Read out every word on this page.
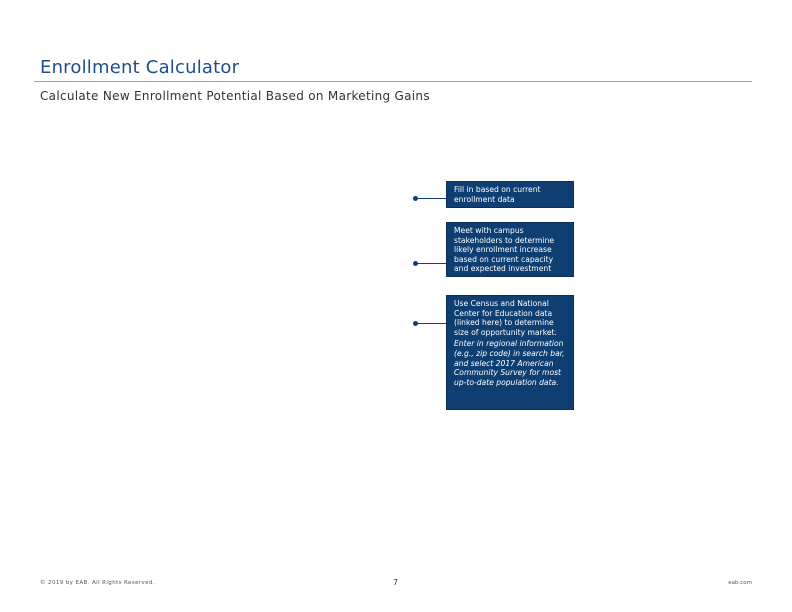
Enrollment Calculator
Calculate New Enrollment Potential Based on Marketing Gains
Fill in based on current enrollment data
Meet with campus stakeholders to determine likely enrollment increase based on current capacity and expected investment
Use Census and National Center for Education data (linked here) to determine size of opportunity market.
Enter in regional information (e.g., zip code) in search bar, and select 2017 American Community Survey for most up-to-date population data.
© 2019 by EAB. All Rights Reserved.	7	eab.com
